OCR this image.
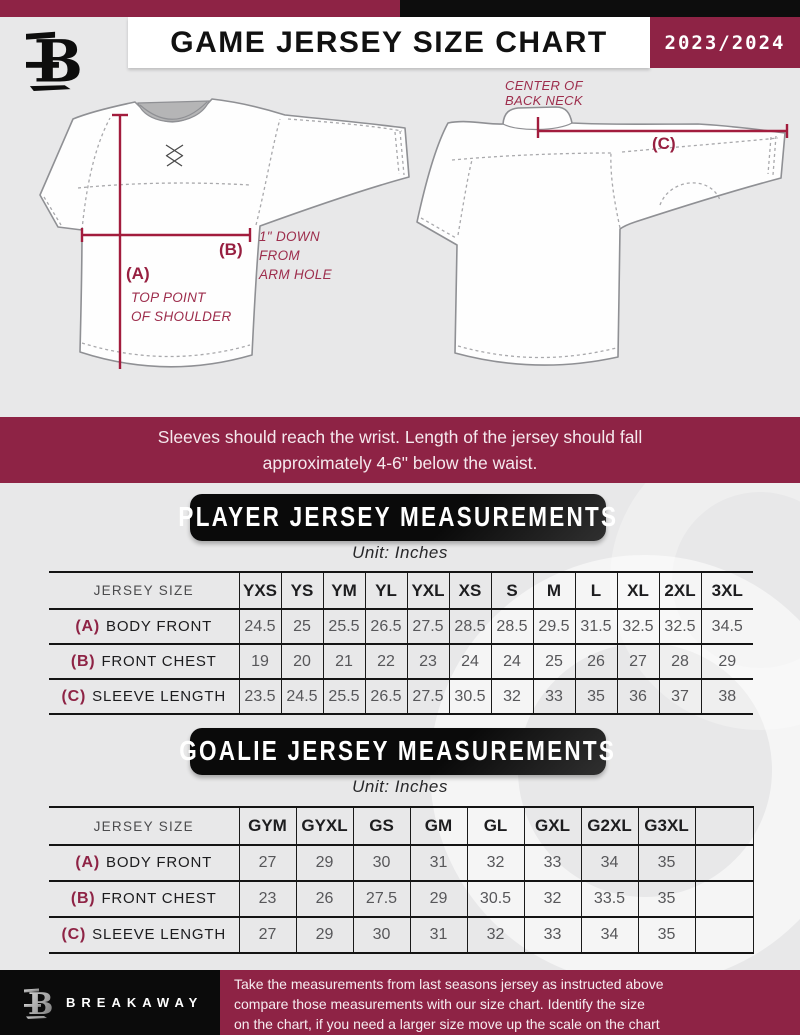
B	GAME JERSEY SIZE CHART	2023/2024
CENTER OF
BACK NECK
(C)
(B)
1" DOWN
FROM
ARM HOLE
(A)
TOP POINT
OF SHOULDER

Sleeves should reach the wrist. Length of the jersey should fall approximately 4-6" below the waist.

PLAYER JERSEY MEASUREMENTS
Unit: Inches
JERSEY SIZE	YXS	YS	YM	YL	YXL	XS	S	M	L	XL	2XL	3XL
(A) BODY FRONT	24.5	25	25.5	26.5	27.5	28.5	28.5	29.5	31.5	32.5	32.5	34.5
(B) FRONT CHEST	19	20	21	22	23	24	24	25	26	27	28	29
(C) SLEEVE LENGTH	23.5	24.5	25.5	26.5	27.5	30.5	32	33	35	36	37	38
GOALIE JERSEY MEASUREMENTS
Unit: Inches
JERSEY SIZE	GYM	GYXL	GS	GM	GL	GXL	G2XL	G3XL	
(A) BODY FRONT	27	29	30	31	32	33	34	35	
(B) FRONT CHEST	23	26	27.5	29	30.5	32	33.5	35	
(C) SLEEVE LENGTH	27	29	30	31	32	33	34	35	
B BREAKAWAY
Take the measurements from last seasons jersey as instructed above
compare those measurements with our size chart. Identify the size
on the chart, if you need a larger size move up the scale on the chart
